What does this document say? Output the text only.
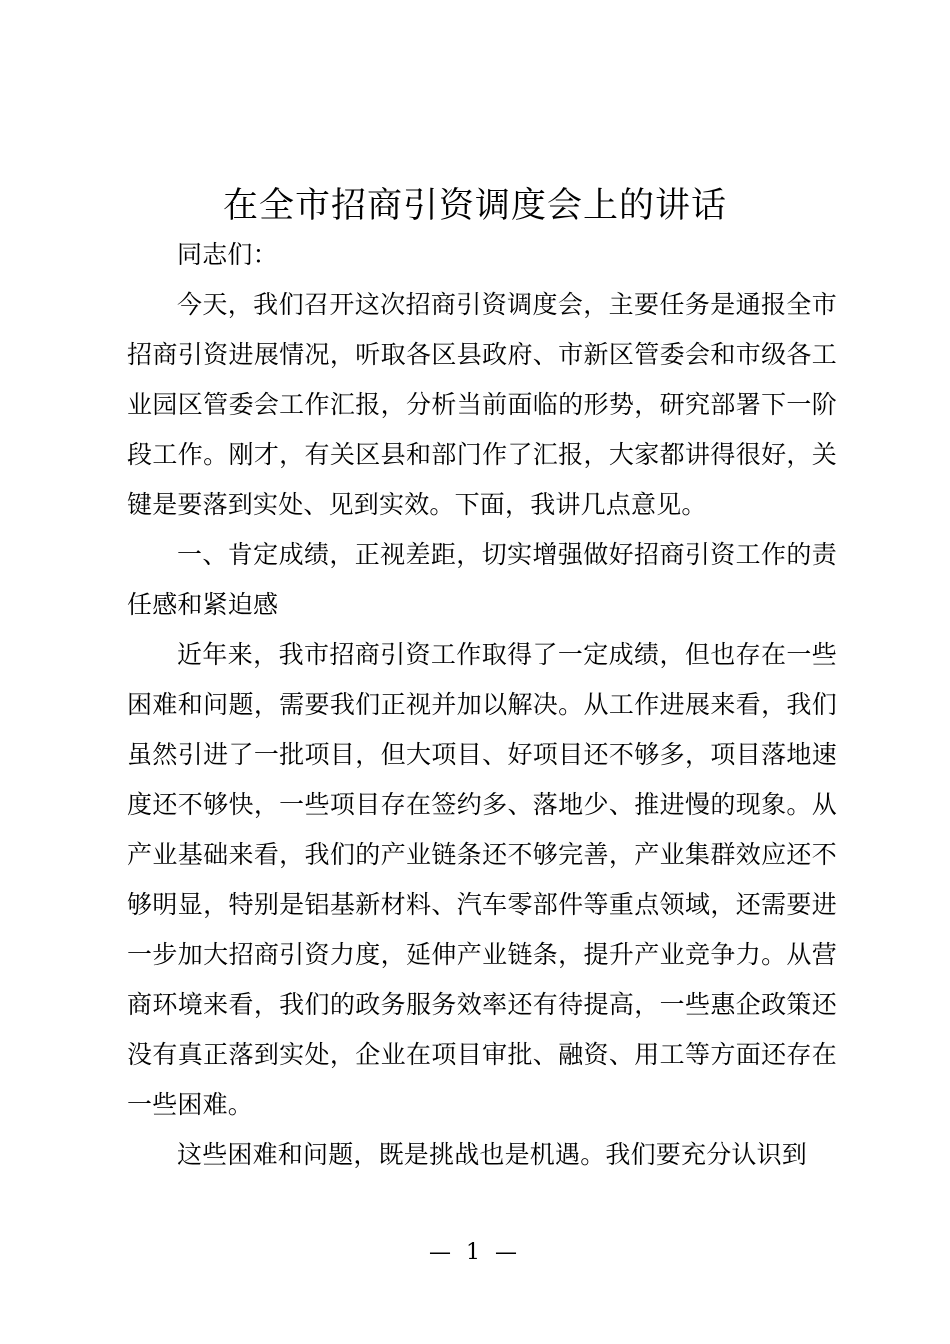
在全市招商引资调度会上的讲话

同志们：

今天，我们召开这次招商引资调度会，主要任务是通报全市招商引资进展情况，听取各区县政府、市新区管委会和市级各工业园区管委会工作汇报，分析当前面临的形势，研究部署下一阶段工作。刚才，有关区县和部门作了汇报，大家都讲得很好，关键是要落到实处、见到实效。下面，我讲几点意见。

一、肯定成绩，正视差距，切实增强做好招商引资工作的责任感和紧迫感

近年来，我市招商引资工作取得了一定成绩，但也存在一些困难和问题，需要我们正视并加以解决。从工作进展来看，我们虽然引进了一批项目，但大项目、好项目还不够多，项目落地速度还不够快，一些项目存在签约多、落地少、推进慢的现象。从产业基础来看，我们的产业链条还不够完善，产业集群效应还不够明显，特别是铝基新材料、汽车零部件等重点领域，还需要进一步加大招商引资力度，延伸产业链条，提升产业竞争力。从营商环境来看，我们的政务服务效率还有待提高，一些惠企政策还没有真正落到实处，企业在项目审批、融资、用工等方面还存在一些困难。

这些困难和问题，既是挑战也是机遇。我们要充分认识到

— 1 —
